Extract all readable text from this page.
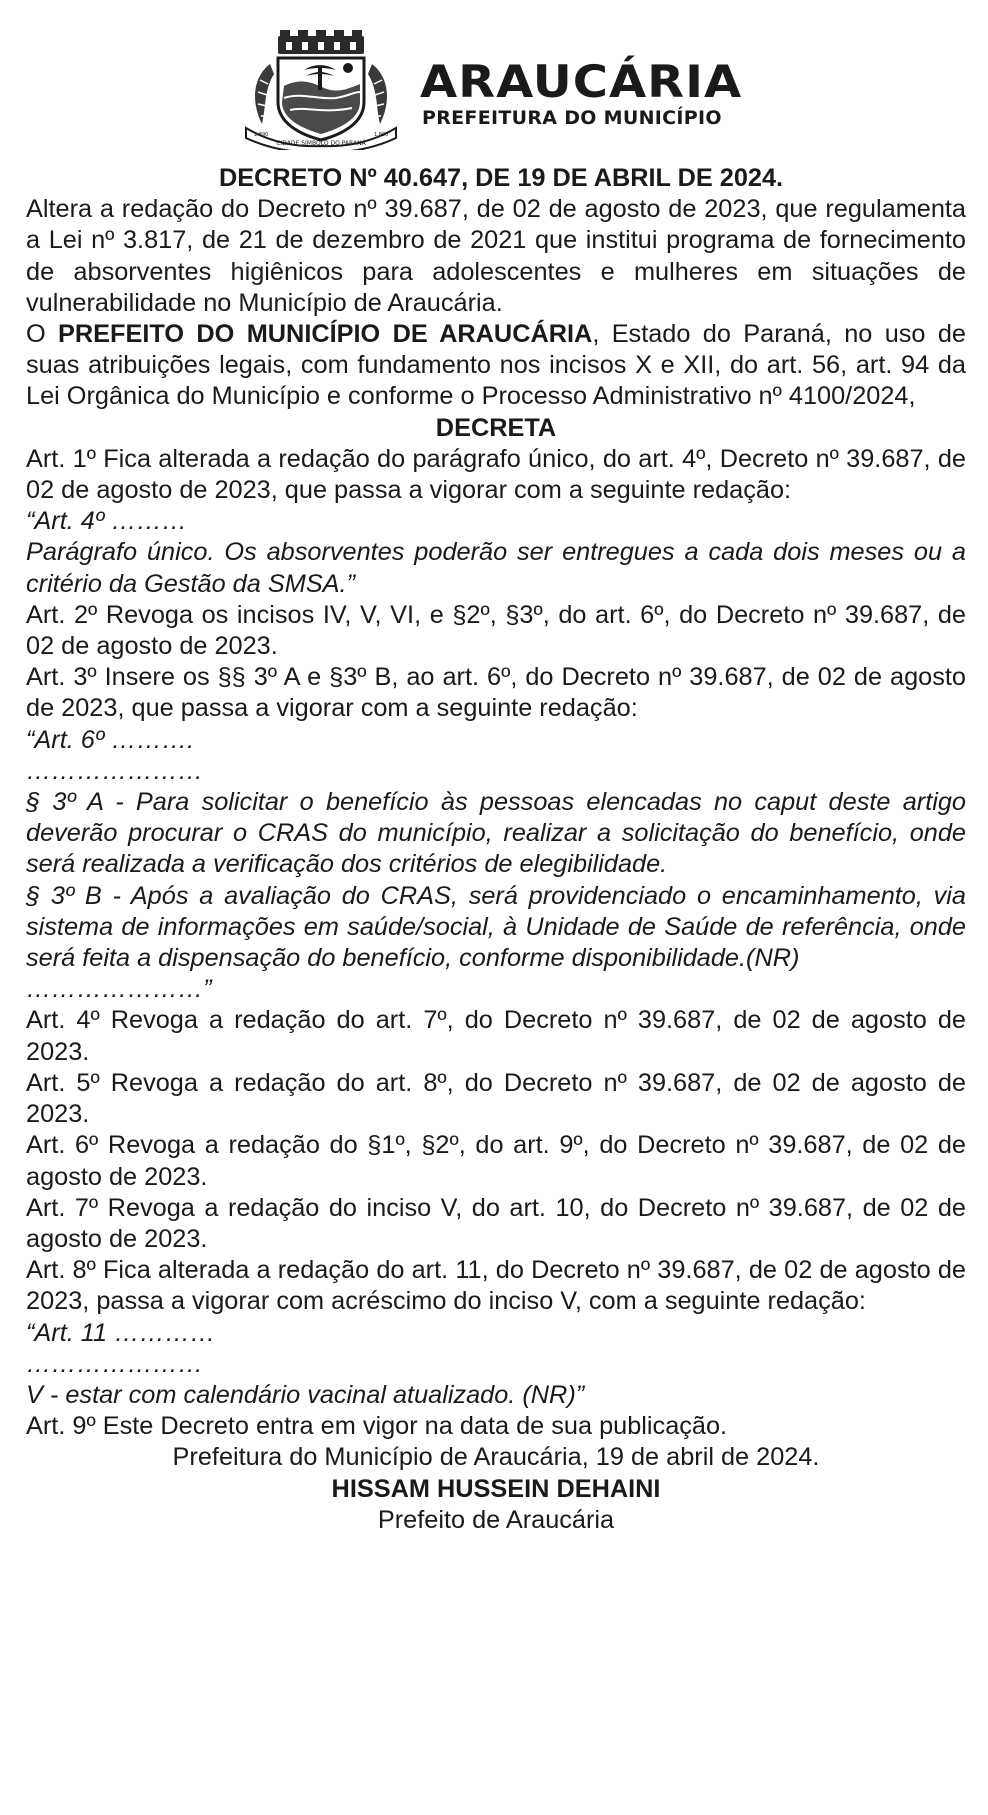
CIDADE SÍMBOLO DO PARANÁ
1.890	1.890
ARAUCÁRIA
PREFEITURA DO MUNICÍPIO

DECRETO Nº 40.647, DE 19 DE ABRIL DE 2024.

Altera a redação do Decreto nº 39.687, de 02 de agosto de 2023, que regulamenta a Lei nº 3.817, de 21 de dezembro de 2021 que institui programa de fornecimento de absorventes higiênicos para adolescentes e mulheres em situações de vulnerabilidade no Município de Araucária.

O PREFEITO DO MUNICÍPIO DE ARAUCÁRIA, Estado do Paraná, no uso de suas atribuições legais, com fundamento nos incisos X e XII, do art. 56, art. 94 da Lei Orgânica do Município e conforme o Processo Administrativo nº 4100/2024,

DECRETA

Art. 1º Fica alterada a redação do parágrafo único, do art. 4º, Decreto nº 39.687, de 02 de agosto de 2023, que passa a vigorar com a seguinte redação:

“Art. 4º ………

Parágrafo único. Os absorventes poderão ser entregues a cada dois meses ou a critério da Gestão da SMSA.”

Art. 2º Revoga os incisos IV, V, VI, e §2º, §3º, do art. 6º, do Decreto nº 39.687, de 02 de agosto de 2023.

Art. 3º Insere os §§ 3º A e §3º B, ao art. 6º, do Decreto nº 39.687, de 02 de agosto de 2023, que passa a vigorar com a seguinte redação:

“Art. 6º ……….

…………………

§ 3º A - Para solicitar o benefício às pessoas elencadas no caput deste artigo deverão procurar o CRAS do município, realizar a solicitação do benefício, onde será realizada a verificação dos critérios de elegibilidade.

§ 3º B - Após a avaliação do CRAS, será providenciado o encaminhamento, via sistema de informações em saúde/social, à Unidade de Saúde de referência, onde será feita a dispensação do benefício, conforme disponibilidade.(NR)

…………………”

Art. 4º Revoga a redação do art. 7º, do Decreto nº 39.687, de 02 de agosto de 2023.

Art. 5º Revoga a redação do art. 8º, do Decreto nº 39.687, de 02 de agosto de 2023.

Art. 6º Revoga a redação do §1º, §2º, do art. 9º, do Decreto nº 39.687, de 02 de agosto de 2023.

Art. 7º Revoga a redação do inciso V, do art. 10, do Decreto nº 39.687, de 02 de agosto de 2023.

Art. 8º Fica alterada a redação do art. 11, do Decreto nº 39.687, de 02 de agosto de 2023, passa a vigorar com acréscimo do inciso V, com a seguinte redação:

“Art. 11 …………

…………………

V - estar com calendário vacinal atualizado. (NR)”

Art. 9º Este Decreto entra em vigor na data de sua publicação.

Prefeitura do Município de Araucária, 19 de abril de 2024.

HISSAM HUSSEIN DEHAINI

Prefeito de Araucária
